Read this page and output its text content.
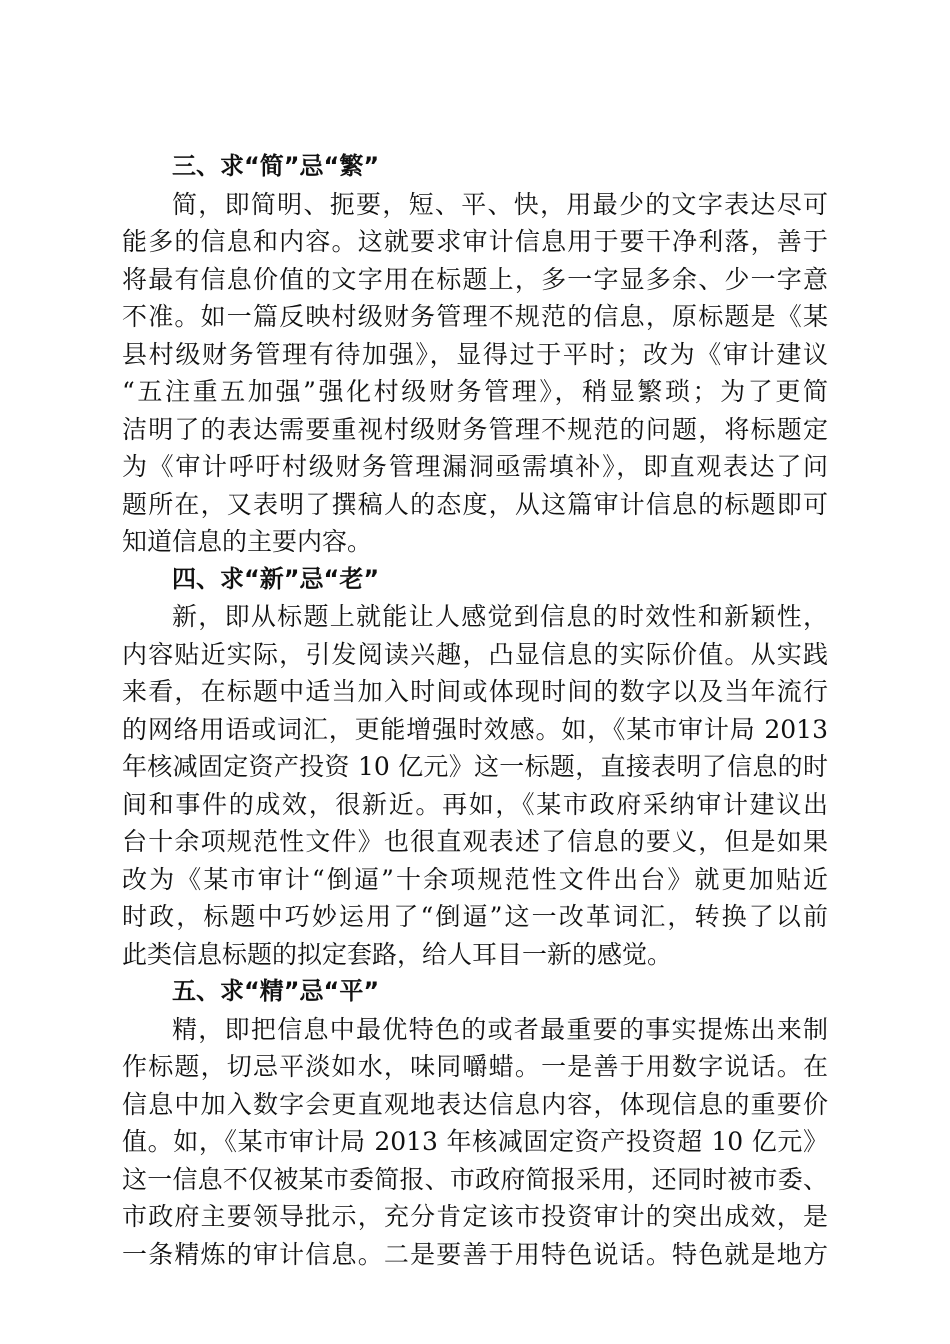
三、求“简”忌“繁”
简，即简明、扼要，短、平、快，用最少的文字表达尽可
能多的信息和内容。这就要求审计信息用于要干净利落，善于
将最有信息价值的文字用在标题上，多一字显多余、少一字意
不准。如一篇反映村级财务管理不规范的信息，原标题是《某
县村级财务管理有待加强》，显得过于平时；改为《审计建议
“五注重五加强”强化村级财务管理》，稍显繁琐；为了更简
洁明了的表达需要重视村级财务管理不规范的问题，将标题定
为《审计呼吁村级财务管理漏洞亟需填补》，即直观表达了问
题所在，又表明了撰稿人的态度，从这篇审计信息的标题即可
知道信息的主要内容。
四、求“新”忌“老”
新，即从标题上就能让人感觉到信息的时效性和新颖性，
内容贴近实际，引发阅读兴趣，凸显信息的实际价值。从实践
来看，在标题中适当加入时间或体现时间的数字以及当年流行
的网络用语或词汇，更能增强时效感。如，《某市审计局 2013
年核减固定资产投资 10 亿元》这一标题，直接表明了信息的时
间和事件的成效，很新近。再如，《某市政府采纳审计建议出
台十余项规范性文件》也很直观表述了信息的要义，但是如果
改为《某市审计“倒逼”十余项规范性文件出台》就更加贴近
时政，标题中巧妙运用了“倒逼”这一改革词汇，转换了以前
此类信息标题的拟定套路，给人耳目一新的感觉。
五、求“精”忌“平”
精，即把信息中最优特色的或者最重要的事实提炼出来制
作标题，切忌平淡如水，味同嚼蜡。一是善于用数字说话。在
信息中加入数字会更直观地表达信息内容，体现信息的重要价
值。如，《某市审计局 2013 年核减固定资产投资超 10 亿元》
这一信息不仅被某市委简报、市政府简报采用，还同时被市委、
市政府主要领导批示，充分肯定该市投资审计的突出成效，是
一条精炼的审计信息。二是要善于用特色说话。特色就是地方
